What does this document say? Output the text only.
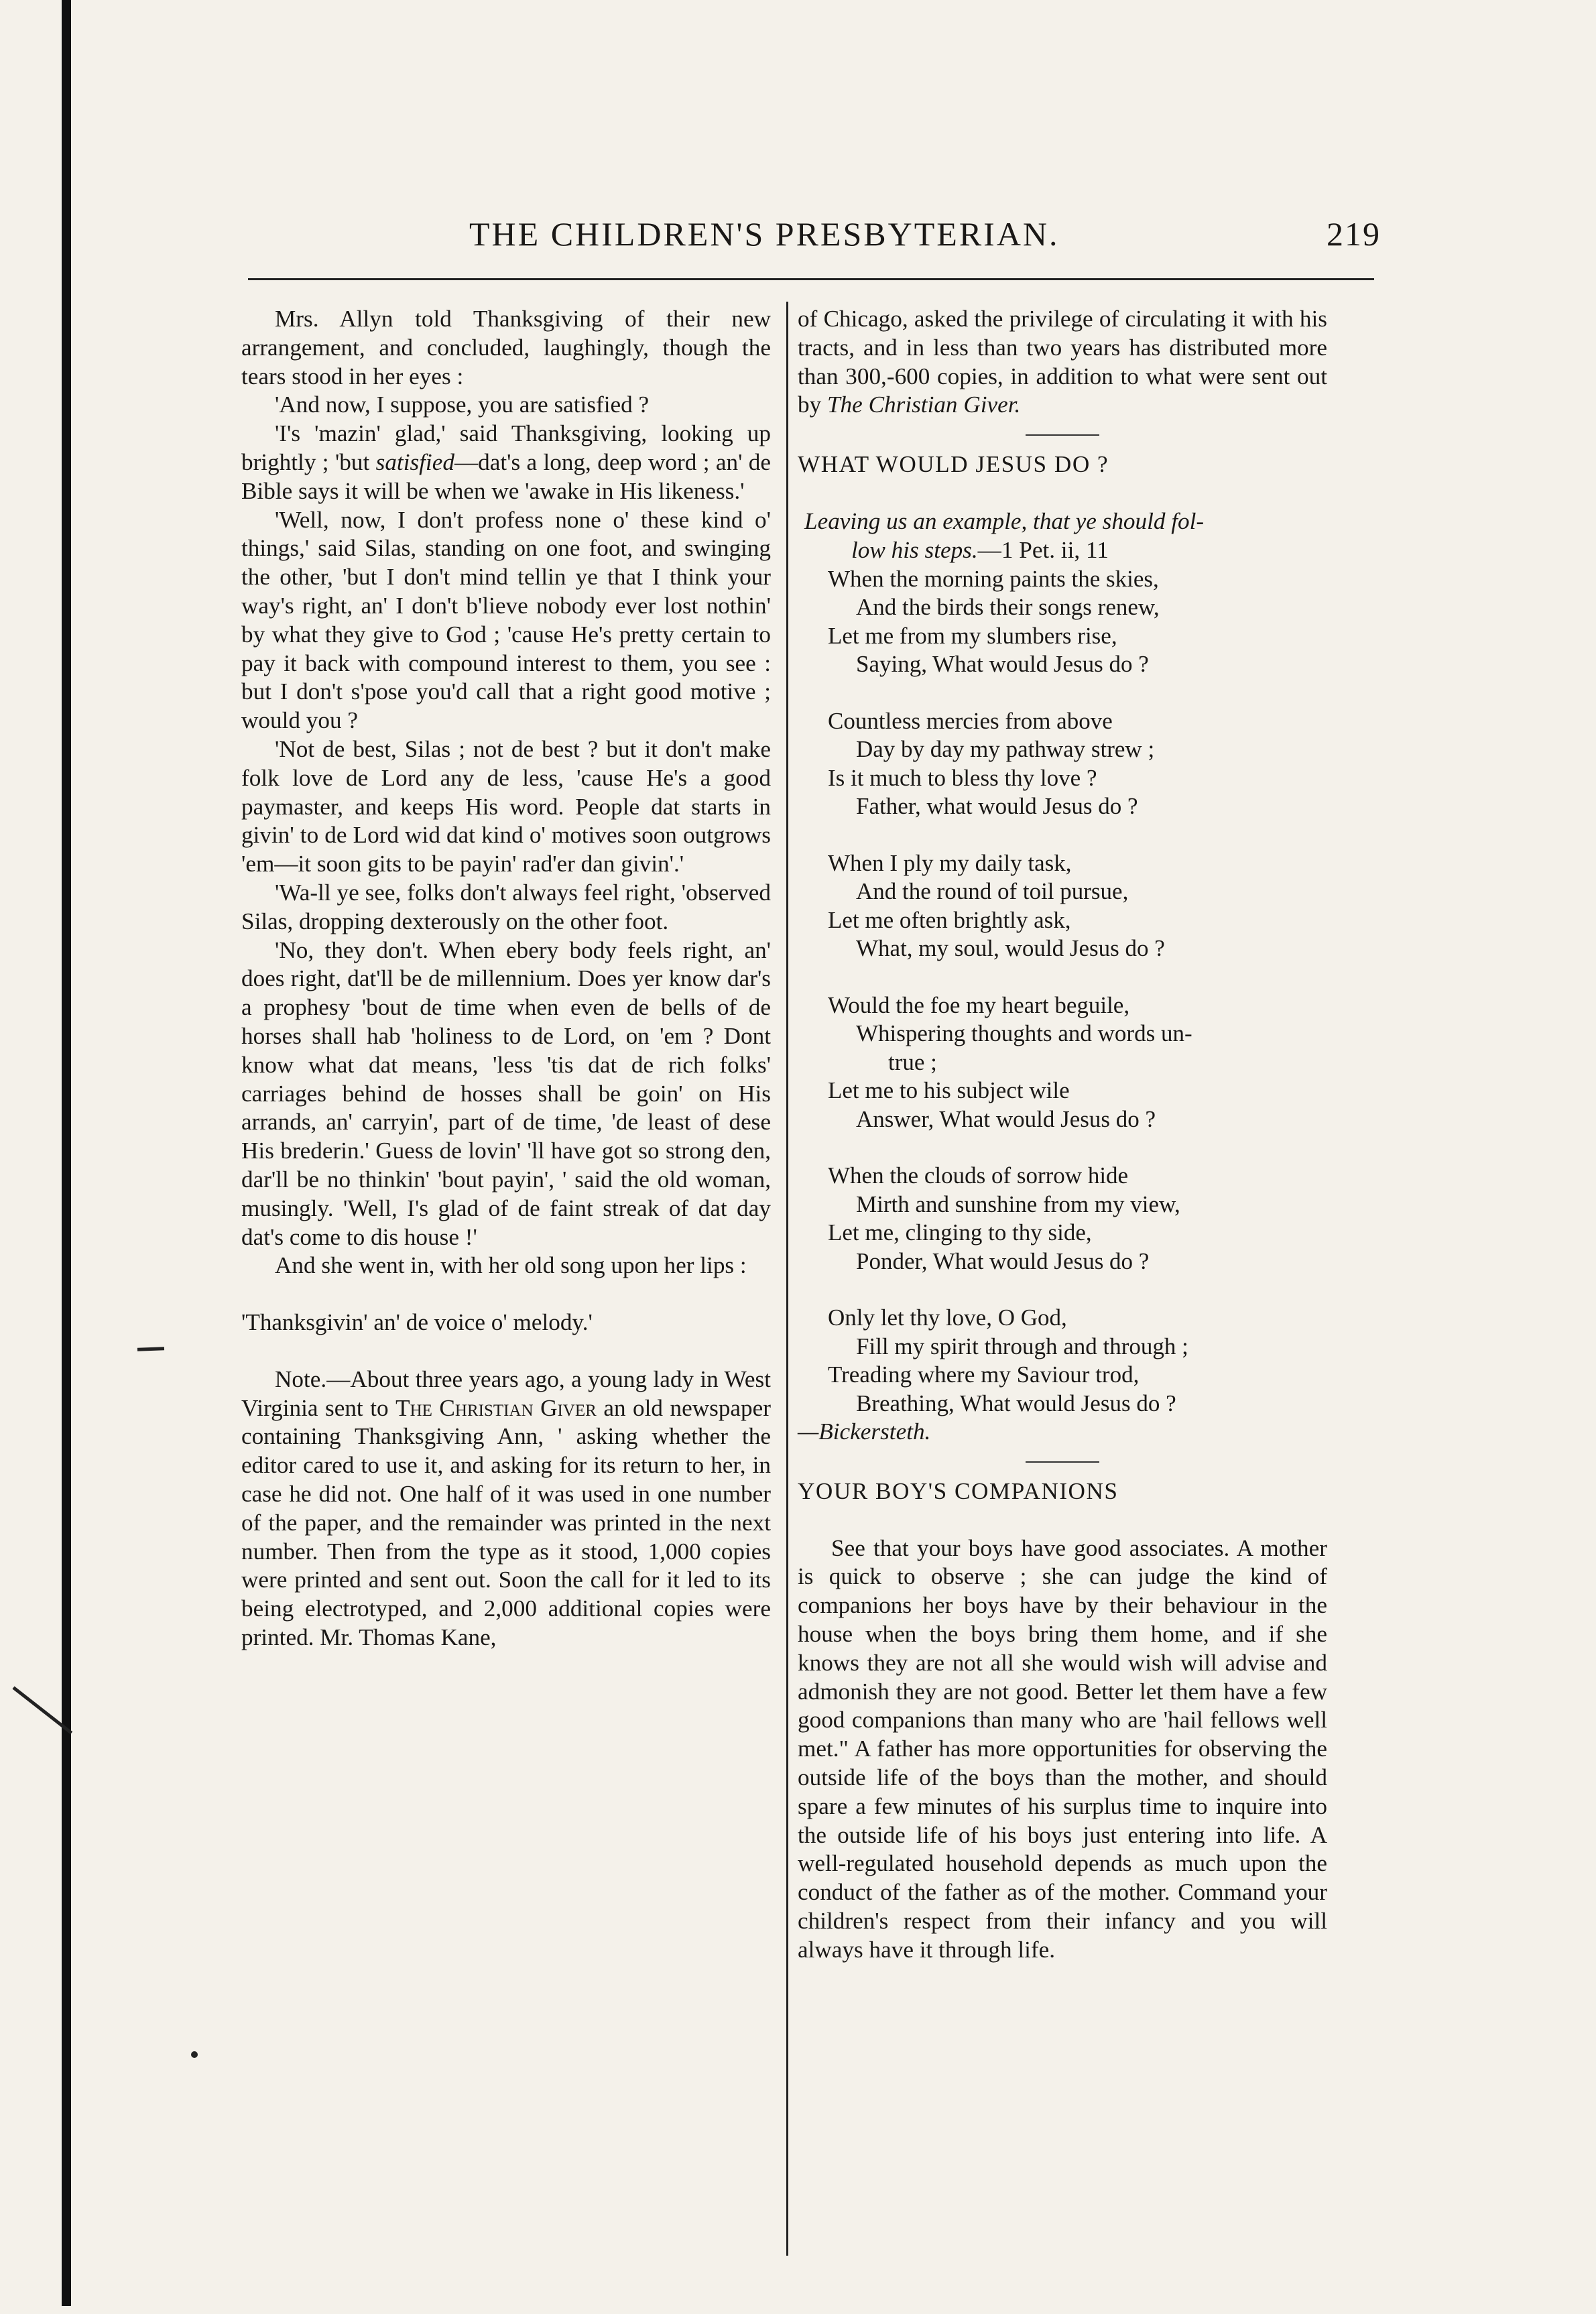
THE CHILDREN'S PRESBYTERIAN.	219

Mrs. Allyn told Thanksgiving of their new arrangement, and concluded, laughingly, though the tears stood in her eyes :

'And now, I suppose, you are satisfied ?

'I's 'mazin' glad,' said Thanksgiving, looking up brightly ; 'but satisfied—dat's a long, deep word ; an' de Bible says it will be when we 'awake in His likeness.'

'Well, now, I don't profess none o' these kind o' things,' said Silas, standing on one foot, and swinging the other, 'but I don't mind tellin ye that I think your way's right, an' I don't b'lieve nobody ever lost nothin' by what they give to God ; 'cause He's pretty certain to pay it back with compound interest to them, you see : but I don't s'pose you'd call that a right good motive ; would you ?

'Not de best, Silas ; not de best ? but it don't make folk love de Lord any de less, 'cause He's a good paymaster, and keeps His word. People dat starts in givin' to de Lord wid dat kind o' motives soon outgrows 'em—it soon gits to be payin' rad'er dan givin'.'

'Wa-ll ye see, folks don't always feel right, 'observed Silas, dropping dexterously on the other foot.

'No, they don't. When ebery body feels right, an' does right, dat'll be de millennium. Does yer know dar's a prophesy 'bout de time when even de bells of de horses shall hab 'holiness to de Lord, on 'em ? Dont know what dat means, 'less 'tis dat de rich folks' carriages behind de hosses shall be goin' on His arrands, an' carryin', part of de time, 'de least of dese His brederin.' Guess de lovin' 'll have got so strong den, dar'll be no thinkin' 'bout payin', ' said the old woman, musingly. 'Well, I's glad of de faint streak of dat day dat's come to dis house !'

And she went in, with her old song upon her lips :

'Thanksgivin' an' de voice o' melody.'

Note.—About three years ago, a young lady in West Virginia sent to The Christian Giver an old newspaper containing Thanksgiving Ann, ' asking whether the editor cared to use it, and asking for its return to her, in case he did not. One half of it was used in one number of the paper, and the remainder was printed in the next number. Then from the type as it stood, 1,000 copies were printed and sent out. Soon the call for it led to its being electrotyped, and 2,000 additional copies were printed. Mr. Thomas Kane,

of Chicago, asked the privilege of circulating it with his tracts, and in less than two years has distributed more than 300,-600 copies, in addition to what were sent out by The Christian Giver.

WHAT WOULD JESUS DO ?

Leaving us an example, that ye should fol-
low his steps.—1 Pet. ii, 11

When the morning paints the skies,
And the birds their songs renew,
Let me from my slumbers rise,
Saying, What would Jesus do ?
Countless mercies from above
Day by day my pathway strew ;
Is it much to bless thy love ?
Father, what would Jesus do ?
When I ply my daily task,
And the round of toil pursue,
Let me often brightly ask,
What, my soul, would Jesus do ?
Would the foe my heart beguile,
Whispering thoughts and words un-
true ;
Let me to his subject wile
Answer, What would Jesus do ?
When the clouds of sorrow hide
Mirth and sunshine from my view,
Let me, clinging to thy side,
Ponder, What would Jesus do ?
Only let thy love, O God,
Fill my spirit through and through ;
Treading where my Saviour trod,
Breathing, What would Jesus do ?

—Bickersteth.

YOUR BOY'S COMPANIONS

See that your boys have good associates. A mother is quick to observe ; she can judge the kind of companions her boys have by their behaviour in the house when the boys bring them home, and if she knows they are not all she would wish will advise and admonish they are not good. Better let them have a few good companions than many who are 'hail fellows well met." A father has more opportunities for observing the outside life of the boys than the mother, and should spare a few minutes of his surplus time to inquire into the outside life of his boys just entering into life. A well-regulated household depends as much upon the conduct of the father as of the mother. Command your children's respect from their infancy and you will always have it through life.
